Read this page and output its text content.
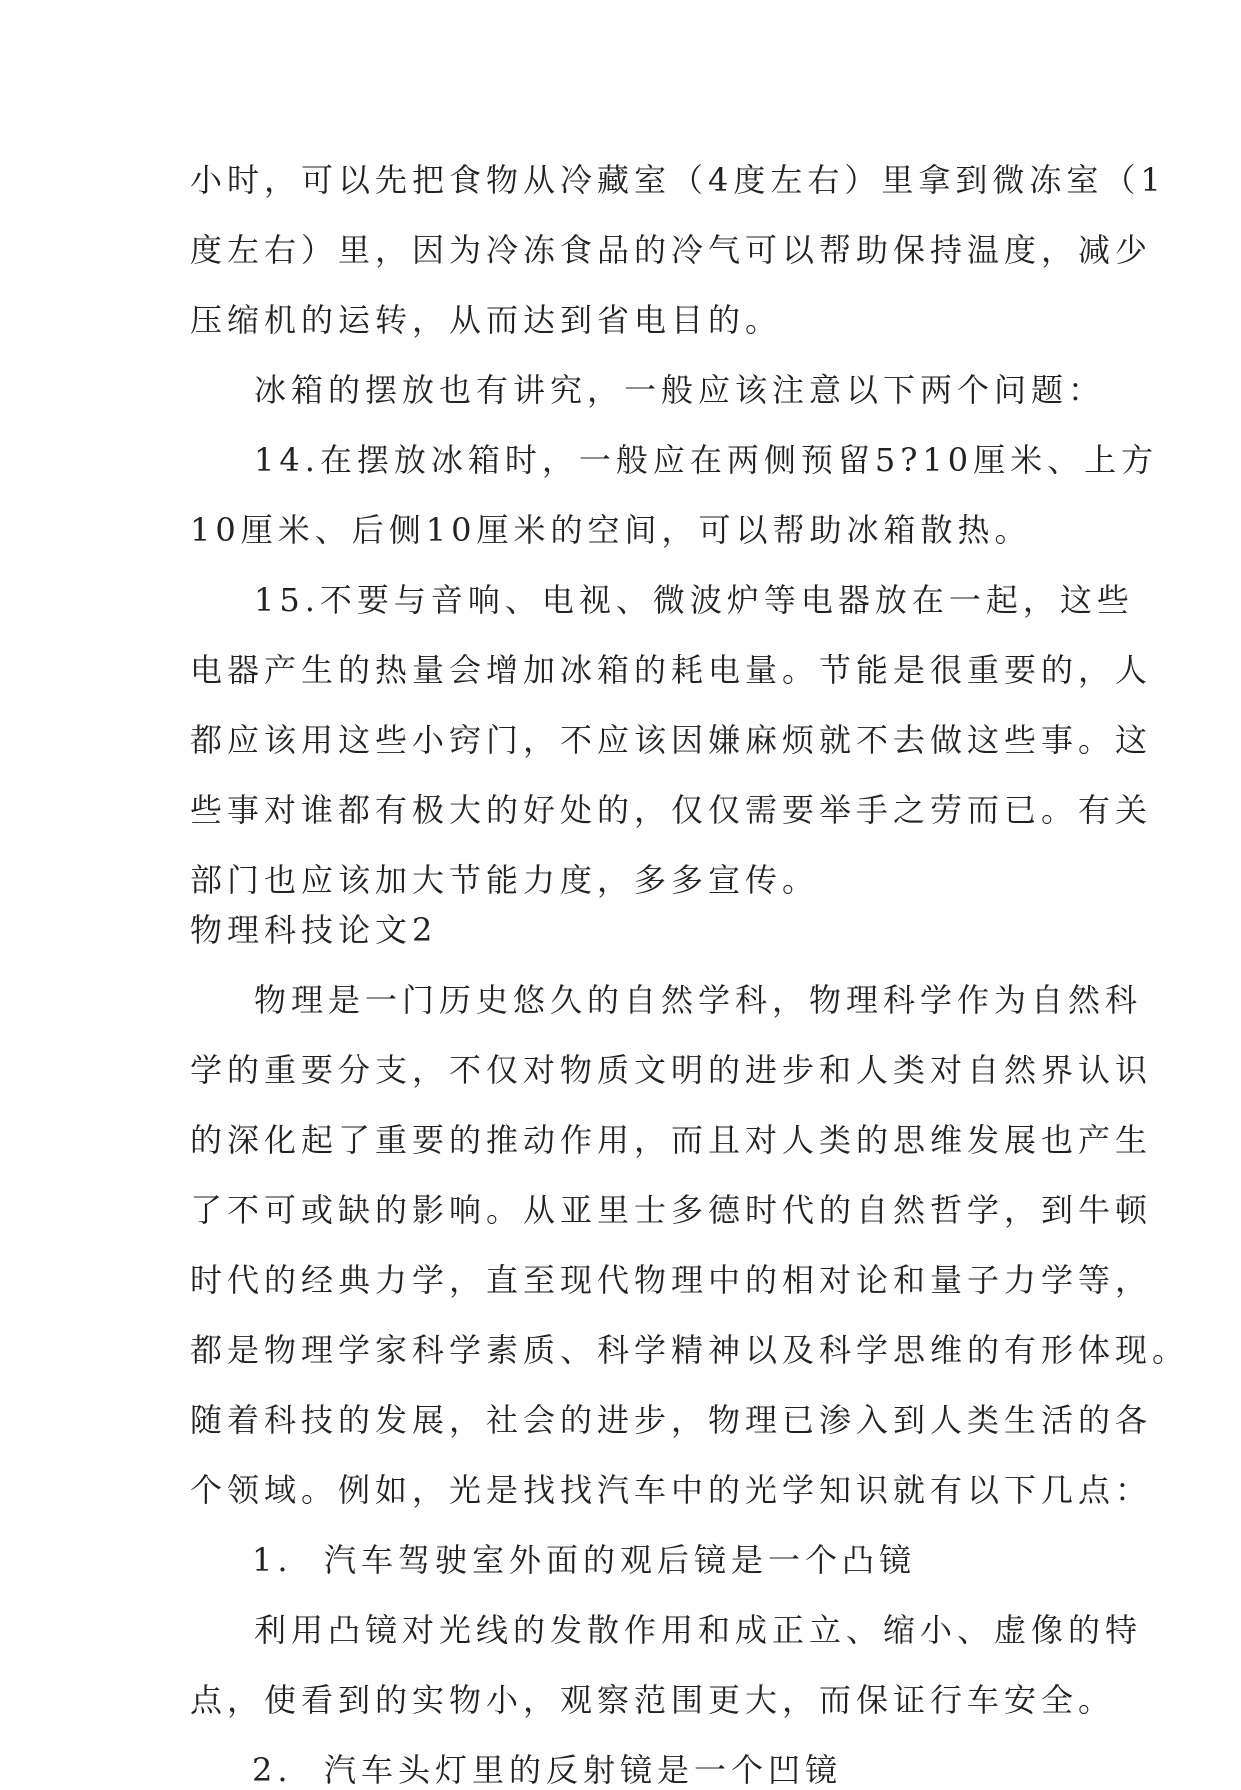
小时，可以先把食物从冷藏室（4度左右）里拿到微冻室（1
度左右）里，因为冷冻食品的冷气可以帮助保持温度，减少
压缩机的运转，从而达到省电目的。
冰箱的摆放也有讲究，一般应该注意以下两个问题：
14.在摆放冰箱时，一般应在两侧预留5?10厘米、上方
10厘米、后侧10厘米的空间，可以帮助冰箱散热。
15.不要与音响、电视、微波炉等电器放在一起，这些
电器产生的热量会增加冰箱的耗电量。节能是很重要的，人
都应该用这些小窍门，不应该因嫌麻烦就不去做这些事。这
些事对谁都有极大的好处的，仅仅需要举手之劳而已。有关
部门也应该加大节能力度，多多宣传。
物理科技论文2
物理是一门历史悠久的自然学科，物理科学作为自然科
学的重要分支，不仅对物质文明的进步和人类对自然界认识
的深化起了重要的推动作用，而且对人类的思维发展也产生
了不可或缺的影响。从亚里士多德时代的自然哲学，到牛顿
时代的经典力学，直至现代物理中的相对论和量子力学等，
都是物理学家科学素质、科学精神以及科学思维的有形体现。
随着科技的发展，社会的进步，物理已渗入到人类生活的各
个领域。例如，光是找找汽车中的光学知识就有以下几点：
1. 汽车驾驶室外面的观后镜是一个凸镜
利用凸镜对光线的发散作用和成正立、缩小、虚像的特
点，使看到的实物小，观察范围更大，而保证行车安全。
2. 汽车头灯里的反射镜是一个凹镜
